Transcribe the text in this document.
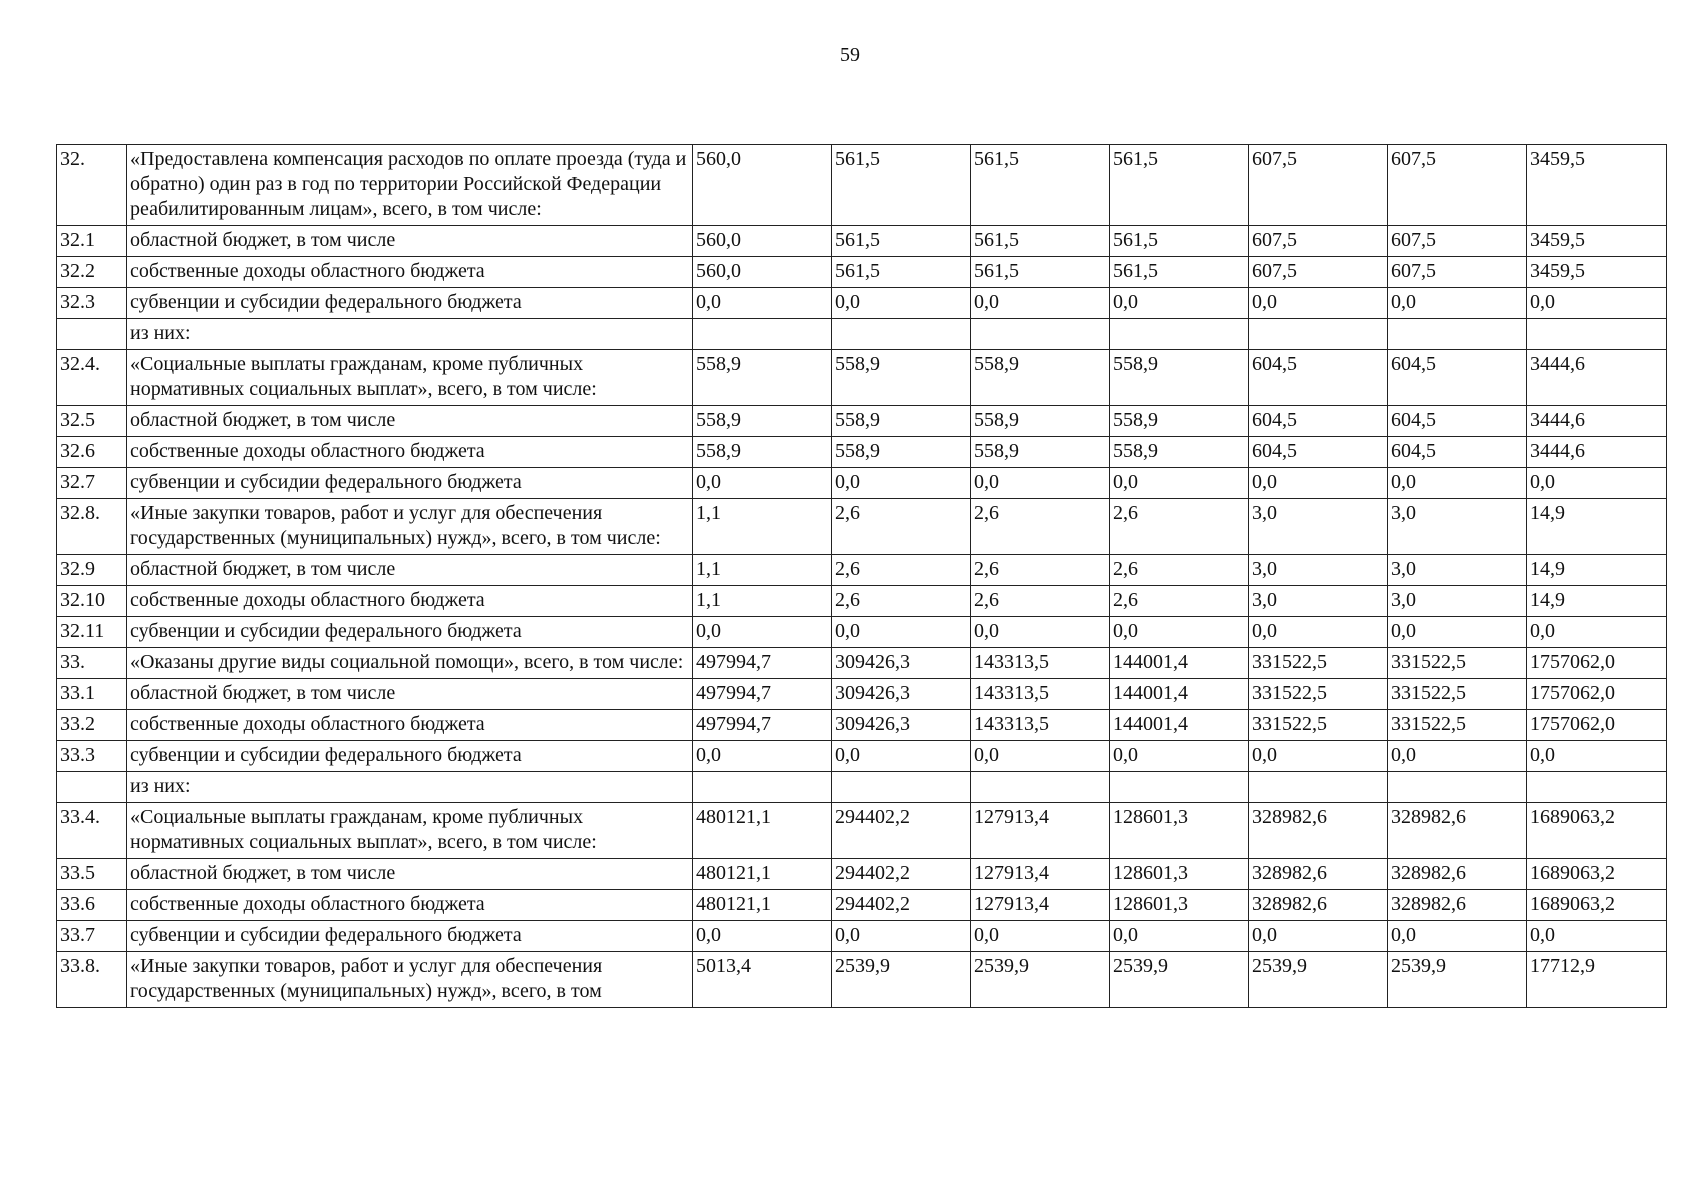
59
32.	«Предоставлена компенсация расходов по оплате проезда (туда и обратно) один раз в год по территории Российской Федерации реабилитированным лицам», всего, в том числе:	560,0	561,5	561,5	561,5	607,5	607,5	3459,5
32.1	областной бюджет, в том числе	560,0	561,5	561,5	561,5	607,5	607,5	3459,5
32.2	собственные доходы областного бюджета	560,0	561,5	561,5	561,5	607,5	607,5	3459,5
32.3	субвенции и субсидии федерального бюджета	0,0	0,0	0,0	0,0	0,0	0,0	0,0
	из них:							
32.4.	«Социальные выплаты гражданам, кроме публичных нормативных социальных выплат», всего, в том числе:	558,9	558,9	558,9	558,9	604,5	604,5	3444,6
32.5	областной бюджет, в том числе	558,9	558,9	558,9	558,9	604,5	604,5	3444,6
32.6	собственные доходы областного бюджета	558,9	558,9	558,9	558,9	604,5	604,5	3444,6
32.7	субвенции и субсидии федерального бюджета	0,0	0,0	0,0	0,0	0,0	0,0	0,0
32.8.	«Иные закупки товаров, работ и услуг для обеспечения государственных (муниципальных) нужд», всего, в том числе:	1,1	2,6	2,6	2,6	3,0	3,0	14,9
32.9	областной бюджет, в том числе	1,1	2,6	2,6	2,6	3,0	3,0	14,9
32.10	собственные доходы областного бюджета	1,1	2,6	2,6	2,6	3,0	3,0	14,9
32.11	субвенции и субсидии федерального бюджета	0,0	0,0	0,0	0,0	0,0	0,0	0,0
33.	«Оказаны другие виды социальной помощи», всего, в том числе:	497994,7	309426,3	143313,5	144001,4	331522,5	331522,5	1757062,0
33.1	областной бюджет, в том числе	497994,7	309426,3	143313,5	144001,4	331522,5	331522,5	1757062,0
33.2	собственные доходы областного бюджета	497994,7	309426,3	143313,5	144001,4	331522,5	331522,5	1757062,0
33.3	субвенции и субсидии федерального бюджета	0,0	0,0	0,0	0,0	0,0	0,0	0,0
	из них:							
33.4.	«Социальные выплаты гражданам, кроме публичных нормативных социальных выплат», всего, в том числе:	480121,1	294402,2	127913,4	128601,3	328982,6	328982,6	1689063,2
33.5	областной бюджет, в том числе	480121,1	294402,2	127913,4	128601,3	328982,6	328982,6	1689063,2
33.6	собственные доходы областного бюджета	480121,1	294402,2	127913,4	128601,3	328982,6	328982,6	1689063,2
33.7	субвенции и субсидии федерального бюджета	0,0	0,0	0,0	0,0	0,0	0,0	0,0
33.8.	«Иные закупки товаров, работ и услуг для обеспечения государственных (муниципальных) нужд», всего, в том	5013,4	2539,9	2539,9	2539,9	2539,9	2539,9	17712,9
